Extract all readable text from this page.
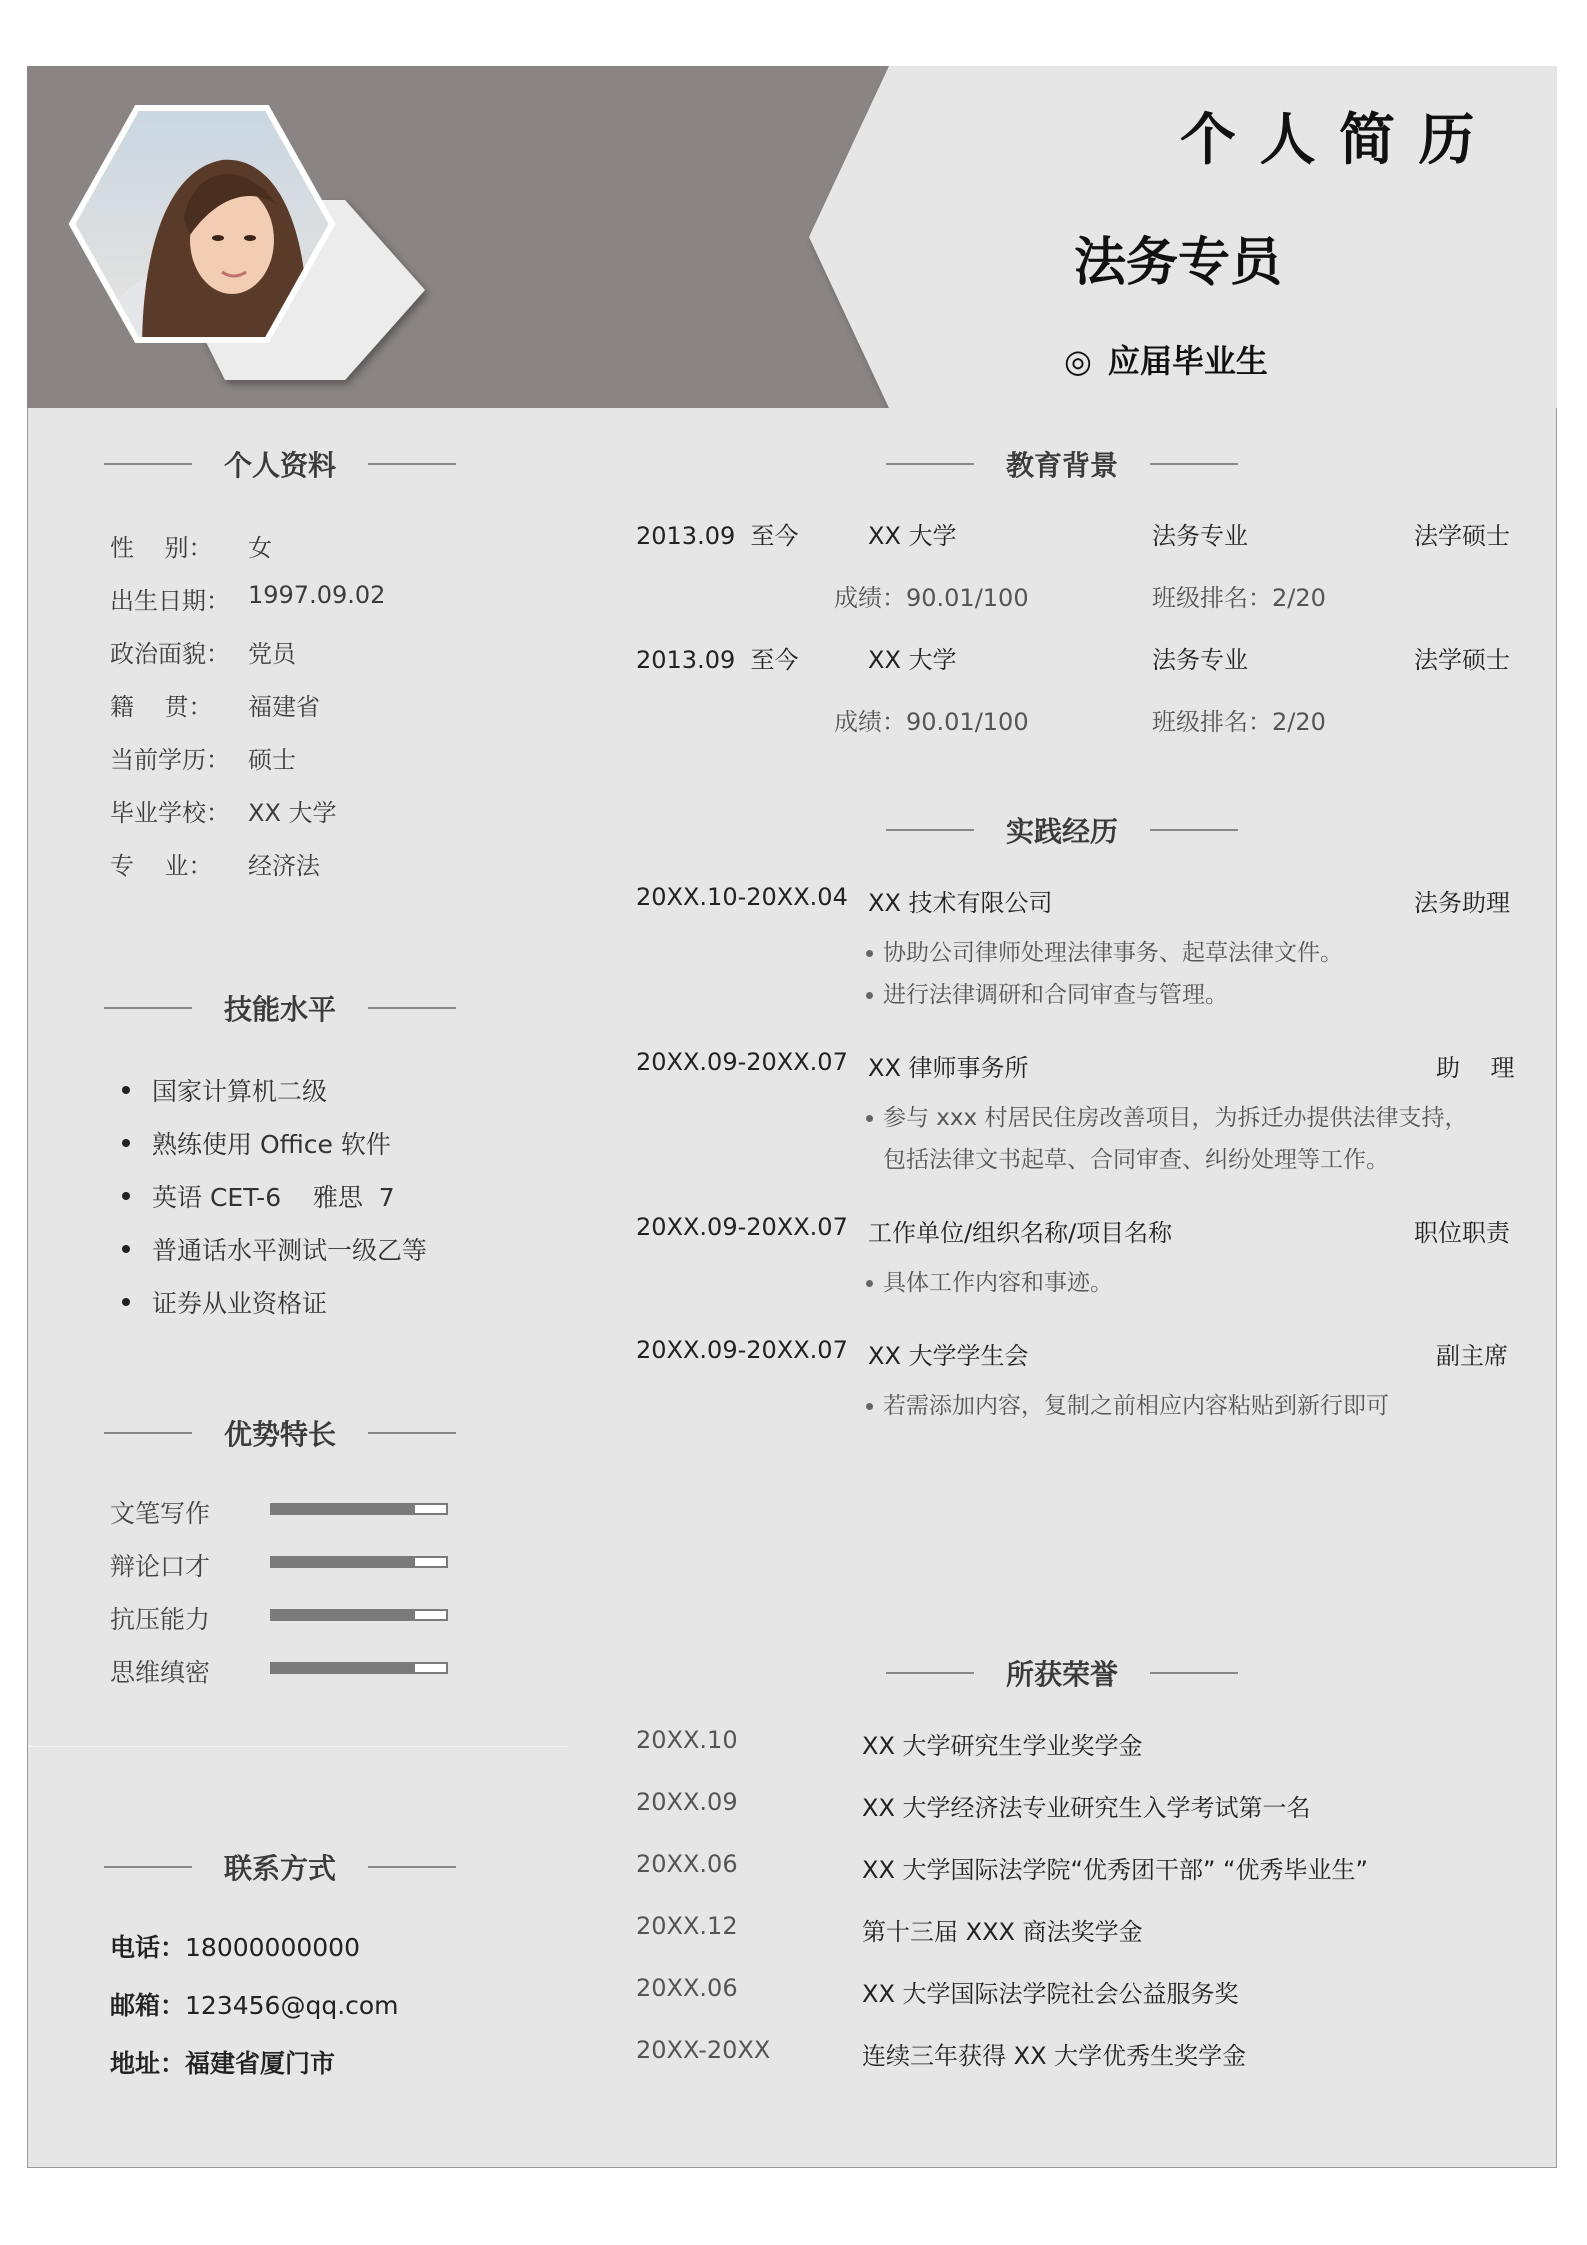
个 人 简 历
法务专员
◎ 应届毕业生
个人资料
性    别：	女
出生日期： 1997.09.02
政治面貌： 党员
籍    贯：	福建省
当前学历： 硕士
毕业学校： XX 大学
专    业：	经济法
技能水平
国家计算机二级
熟练使用 Office 软件
英语 CET-6    雅思  7
普通话水平测试一级乙等
证券从业资格证
优势特长
文笔写作
辩论口才
抗压能力
思维缜密
联系方式
电话：18000000000
邮箱：123456@qq.com
地址：福建省厦门市
教育背景
2013.09  至今	XX 大学	法务专业	法学硕士
成绩：90.01/100	班级排名：2/20
2013.09  至今	XX 大学	法务专业	法学硕士
成绩：90.01/100	班级排名：2/20
实践经历
20XX.10-20XX.04 XX 技术有限公司	法务助理
协助公司律师处理法律事务、起草法律文件。
进行法律调研和合同审查与管理。
20XX.09-20XX.07 XX 律师事务所	助    理
参与 xxx 村居民住房改善项目，为拆迁办提供法律支持，
包括法律文书起草、合同审查、纠纷处理等工作。
20XX.09-20XX.07 工作单位/组织名称/项目名称	职位职责
具体工作内容和事迹。
20XX.09-20XX.07 XX 大学学生会	副主席
若需添加内容，复制之前相应内容粘贴到新行即可
所获荣誉
20XX.10	XX 大学研究生学业奖学金
20XX.09	XX 大学经济法专业研究生入学考试第一名
20XX.06	XX 大学国际法学院“优秀团干部” “优秀毕业生”
20XX.12	第十三届 XXX 商法奖学金
20XX.06	XX 大学国际法学院社会公益服务奖
20XX-20XX	连续三年获得 XX 大学优秀生奖学金
